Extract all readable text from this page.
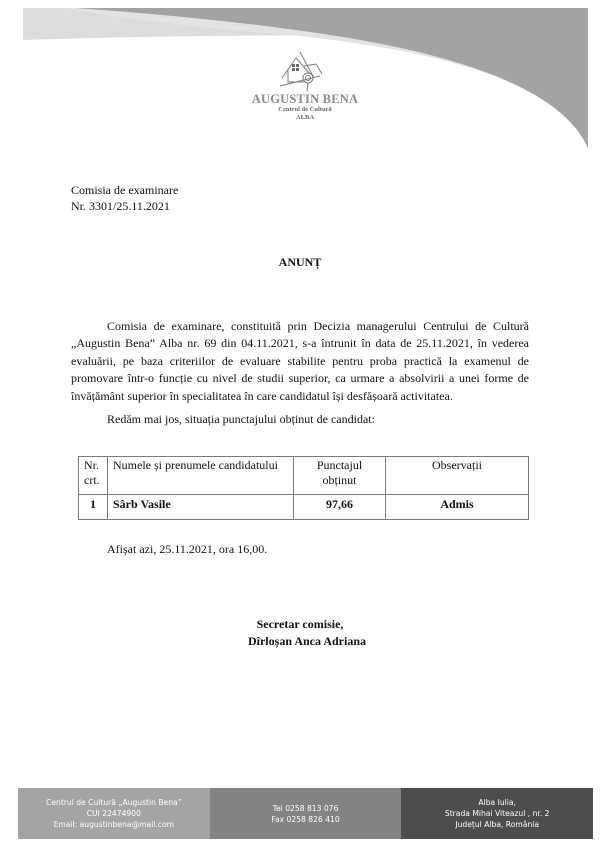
AUGUSTIN BENA
Centrul de Cultură
ALBA
Comisia de examinare
Nr. 3301/25.11.2021
ANUNȚ

Comisia de examinare, constituită prin Decizia managerului Centrului de Cultură „Augustin Bena” Alba nr. 69 din 04.11.2021, s-a întrunit în data de 25.11.2021, în vederea evaluării, pe baza criteriilor de evaluare stabilite pentru proba practică la examenul de promovare într-o funcție cu nivel de studii superior, ca urmare a absolvirii a unei forme de învățământ superior în specialitatea în care candidatul își desfășoară activitatea.

Redăm mai jos, situația punctajului obținut de candidat:
Nr. crt.	Numele și prenumele candidatului	Punctajul obținut	Observații
1	Sârb Vasile	97,66	Admis
Afișat azi, 25.11.2021, ora 16,00.
Secretar comisie,
Dîrloșan Anca Adriana
Centrul de Cultură „Augustin Bena”
CUI 22474900
Email: augustinbena@mail.com
Tel 0258 813 076
Fax 0258 826 410
Alba Iulia,
Strada Mihai Viteazul , nr. 2
Județul Alba, România
